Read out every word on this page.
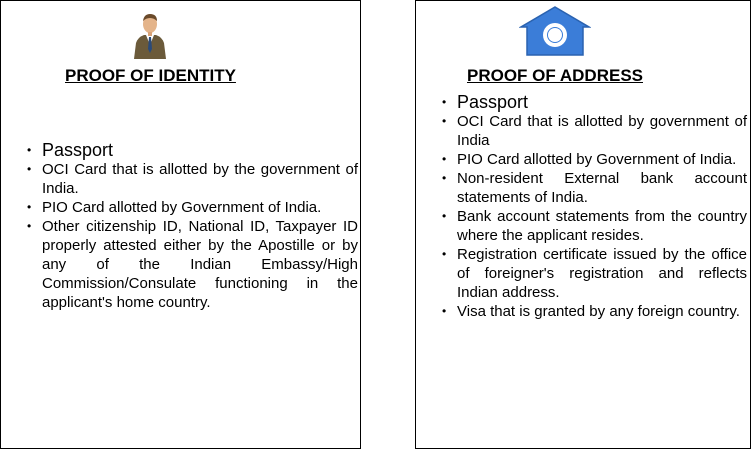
PROOF OF IDENTITY	PROOF OF ADDRESS
• Passport
• OCI Card that is allotted by the government of India.
• PIO Card allotted by Government of India.
• Other citizenship ID, National ID, Taxpayer ID properly attested either by the Apostille or by any of the Indian Embassy/High Commission/Consulate functioning in the applicant's home country.
• Passport
• OCI Card that is allotted by government of India
• PIO Card allotted by Government of India.
• Non-resident External bank account statements of India.
• Bank account statements from the country where the applicant resides.
• Registration certificate issued by the office of foreigner's registration and reflects Indian address.
• Visa that is granted by any foreign country.
